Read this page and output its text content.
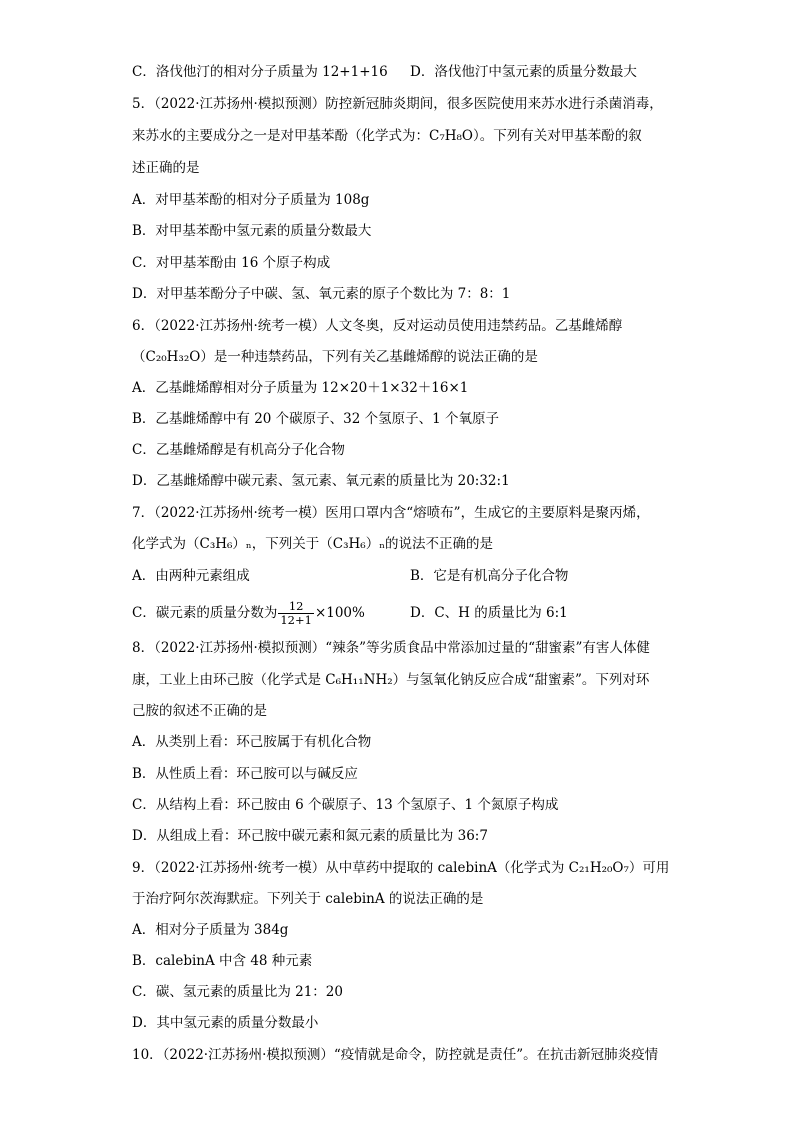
C．洛伐他汀的相对分子质量为 12+1+16 D．洛伐他汀中氢元素的质量分数最大
5．（2022·江苏扬州·模拟预测）防控新冠肺炎期间，很多医院使用来苏水进行杀菌消毒，
来苏水的主要成分之一是对甲基苯酚（化学式为：C₇H₈O）。下列有关对甲基苯酚的叙
述正确的是
A．对甲基苯酚的相对分子质量为 108g
B．对甲基苯酚中氢元素的质量分数最大
C．对甲基苯酚由 16 个原子构成
D．对甲基苯酚分子中碳、氢、氧元素的原子个数比为 7：8：1
6．（2022·江苏扬州·统考一模）人文冬奥，反对运动员使用违禁药品。乙基雌烯醇
（C₂₀H₃₂O）是一种违禁药品，下列有关乙基雌烯醇的说法正确的是
A．乙基雌烯醇相对分子质量为 12×20＋1×32＋16×1
B．乙基雌烯醇中有 20 个碳原子、32 个氢原子、1 个氧原子
C．乙基雌烯醇是有机高分子化合物
D．乙基雌烯醇中碳元素、氢元素、氧元素的质量比为 20:32:1
7．（2022·江苏扬州·统考一模）医用口罩内含“熔喷布”，生成它的主要原料是聚丙烯，
化学式为（C₃H₆）ₙ，下列关于（C₃H₆）ₙ的说法不正确的是
A．由两种元素组成	B．它是有机高分子化合物
C．碳元素的质量分数为 $\frac{12}{12+1} \times 100\%$	D．C、H 的质量比为 6:1
8．（2022·江苏扬州·模拟预测）“辣条”等劣质食品中常添加过量的“甜蜜素”有害人体健
康，工业上由环己胺（化学式是 C₆H₁₁NH₂）与氢氧化钠反应合成“甜蜜素”。下列对环
己胺的叙述不正确的是
A．从类别上看：环己胺属于有机化合物
B．从性质上看：环己胺可以与碱反应
C．从结构上看：环己胺由 6 个碳原子、13 个氢原子、1 个氮原子构成
D．从组成上看：环己胺中碳元素和氮元素的质量比为 36:7
9．（2022·江苏扬州·统考一模）从中草药中提取的 calebinA（化学式为 C₂₁H₂₀O₇）可用
于治疗阿尔茨海默症。下列关于 calebinA 的说法正确的是
A．相对分子质量为 384g
B．calebinA 中含 48 种元素
C．碳、氢元素的质量比为 21：20
D．其中氢元素的质量分数最小
10．（2022·江苏扬州·模拟预测）“疫情就是命令，防控就是责任”。在抗击新冠肺炎疫情
